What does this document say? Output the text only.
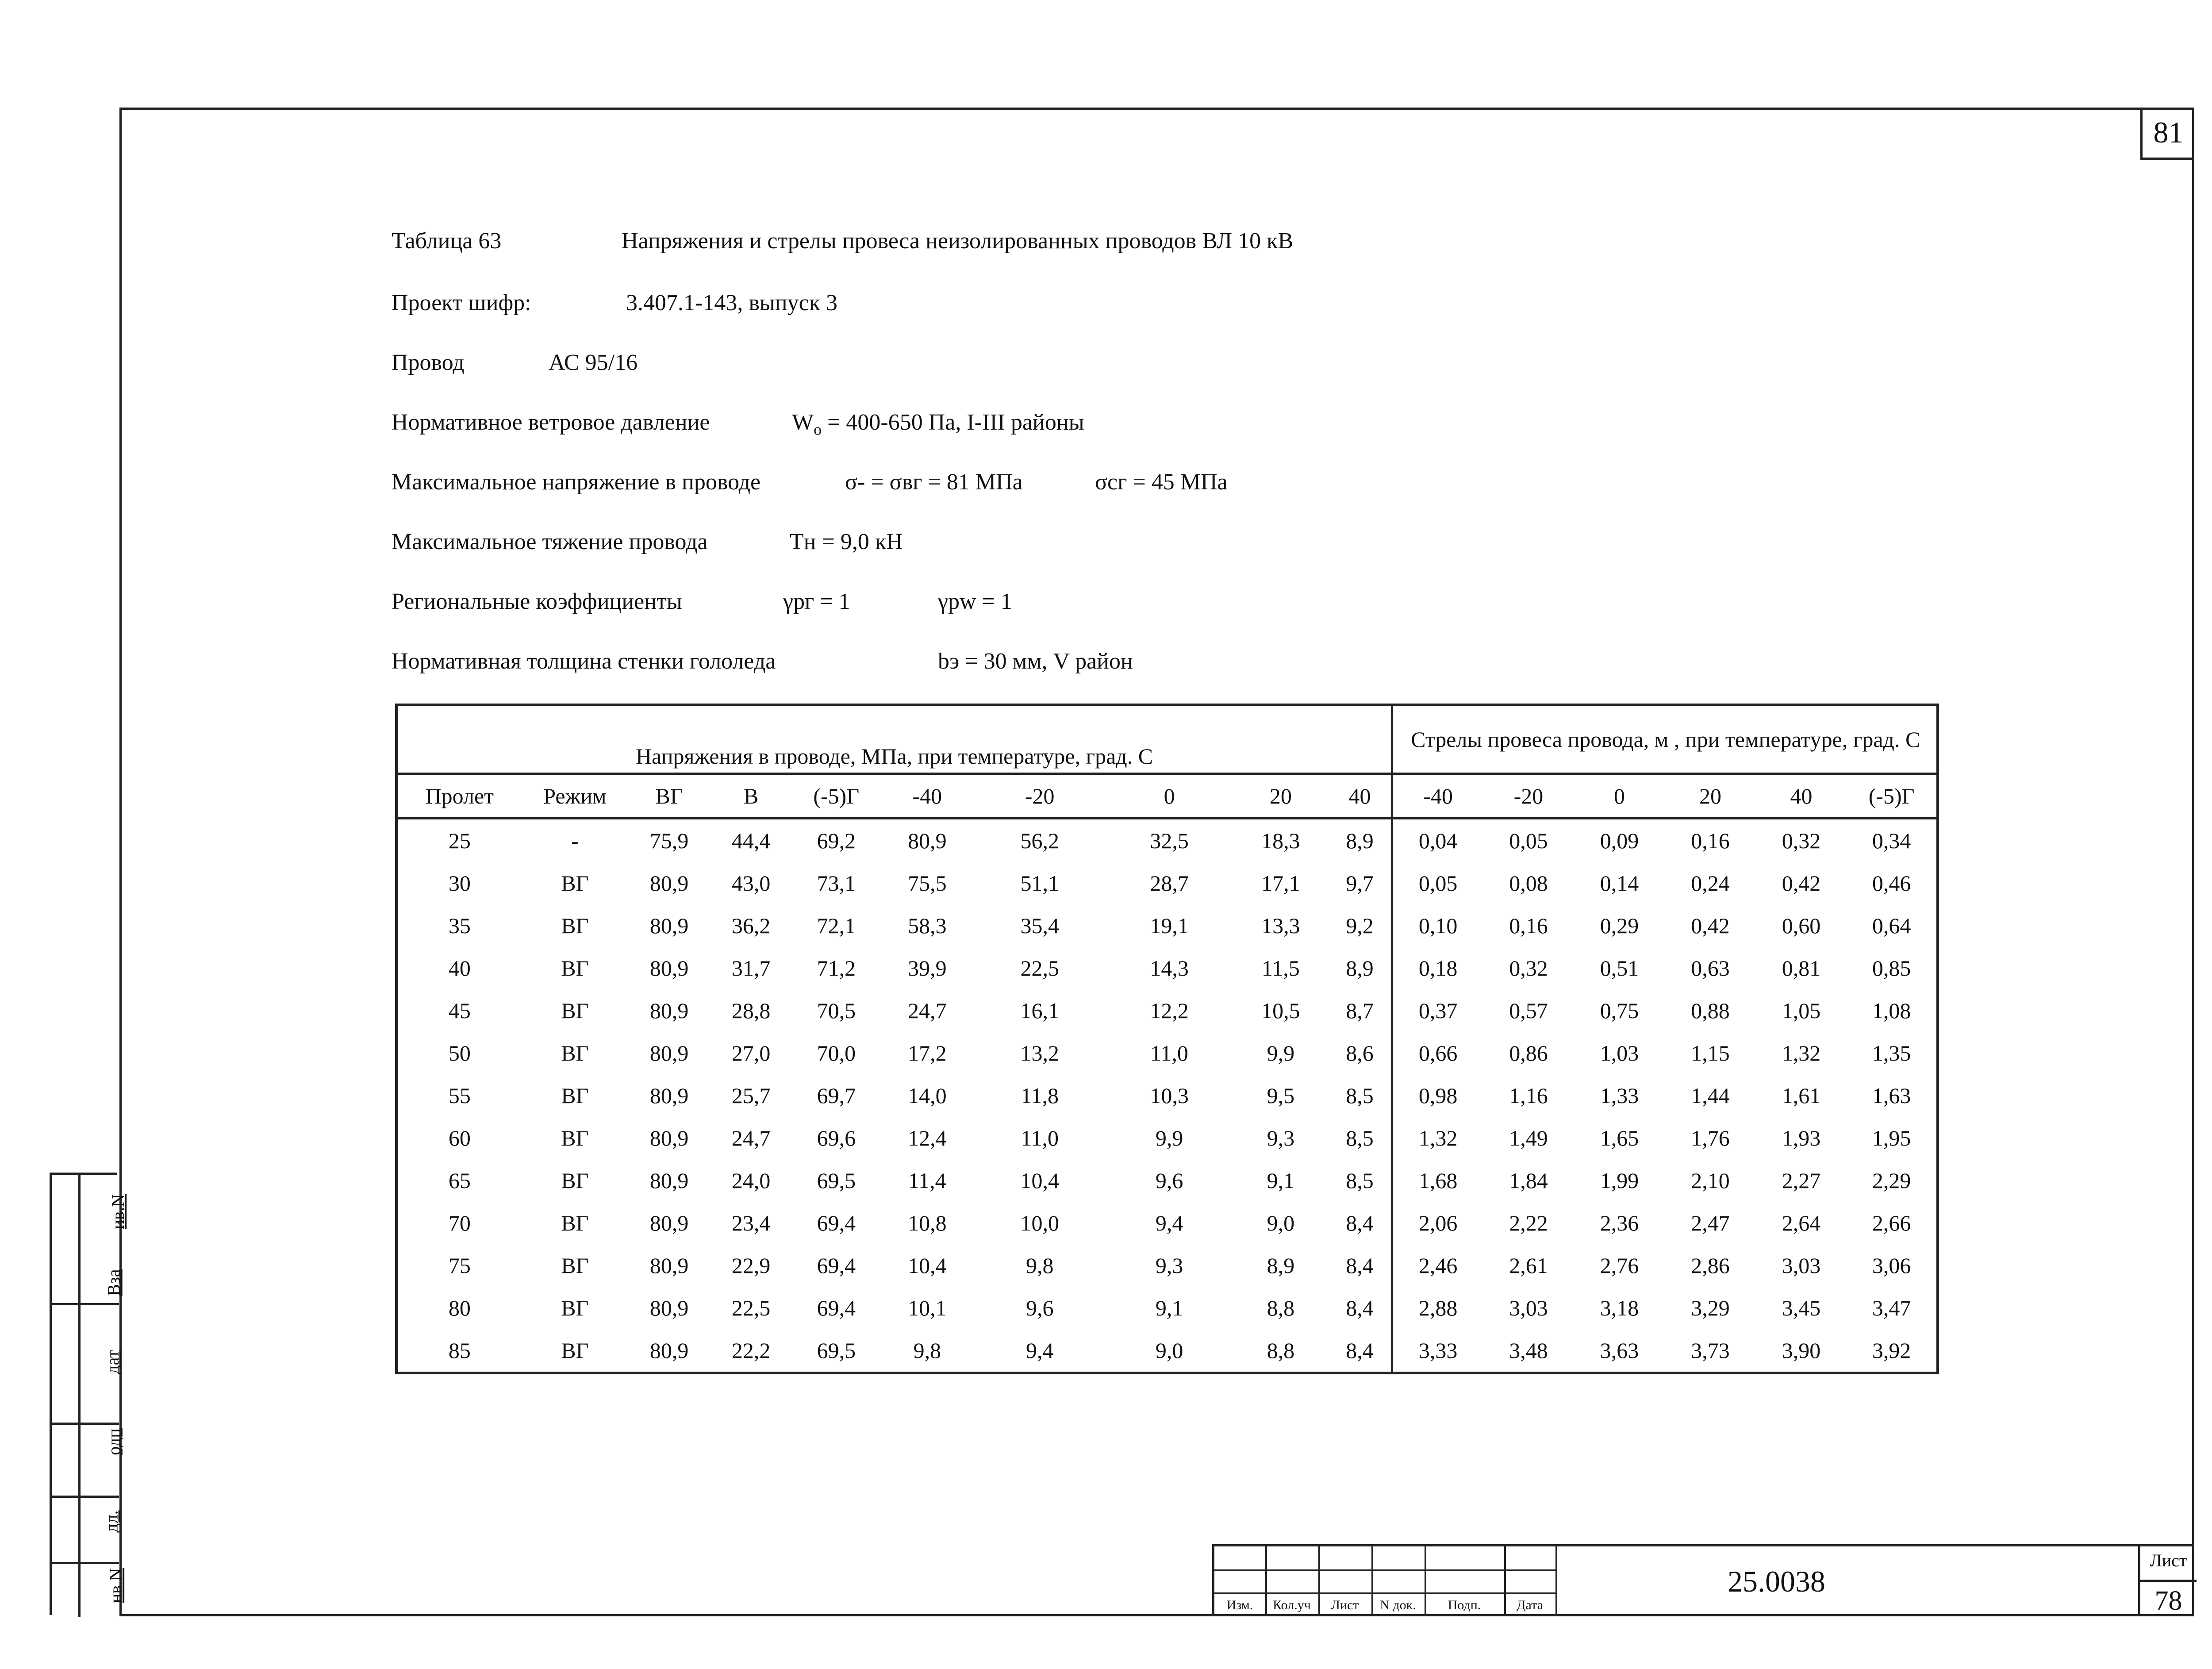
81
Таблица 63	Напряжения и стрелы провеса неизолированных проводов ВЛ 10 кВ
Проект шифр:	3.407.1-143, выпуск 3
Провод	АС 95/16
Нормативное ветровое давление	$W_o = 400-650$ Па, I-III районы
Максимальное напряжение в проводе	σ- = σвг = 81 МПа	σсг = 45 МПа
Максимальное тяжение провода	Tн = 9,0 кН
Региональные коэффициенты	γрг = 1	γpw = 1
Нормативная толщина стенки гололеда	bэ = 30 мм, V район
Напряжения в проводе, МПа, при температуре, град. С										Стрелы провеса провода, м , при температуре, град. С					
Пролет	Режим	ВГ	В	(-5)Г	-40	-20	0	20	40	-40	-20	0	20	40	(-5)Г
25	-	75,9	44,4	69,2	80,9	56,2	32,5	18,3	8,9	0,04	0,05	0,09	0,16	0,32	0,34
30	ВГ	80,9	43,0	73,1	75,5	51,1	28,7	17,1	9,7	0,05	0,08	0,14	0,24	0,42	0,46
35	ВГ	80,9	36,2	72,1	58,3	35,4	19,1	13,3	9,2	0,10	0,16	0,29	0,42	0,60	0,64
40	ВГ	80,9	31,7	71,2	39,9	22,5	14,3	11,5	8,9	0,18	0,32	0,51	0,63	0,81	0,85
45	ВГ	80,9	28,8	70,5	24,7	16,1	12,2	10,5	8,7	0,37	0,57	0,75	0,88	1,05	1,08
50	ВГ	80,9	27,0	70,0	17,2	13,2	11,0	9,9	8,6	0,66	0,86	1,03	1,15	1,32	1,35
55	ВГ	80,9	25,7	69,7	14,0	11,8	10,3	9,5	8,5	0,98	1,16	1,33	1,44	1,61	1,63
60	ВГ	80,9	24,7	69,6	12,4	11,0	9,9	9,3	8,5	1,32	1,49	1,65	1,76	1,93	1,95
65	ВГ	80,9	24,0	69,5	11,4	10,4	9,6	9,1	8,5	1,68	1,84	1,99	2,10	2,27	2,29
70	ВГ	80,9	23,4	69,4	10,8	10,0	9,4	9,0	8,4	2,06	2,22	2,36	2,47	2,64	2,66
75	ВГ	80,9	22,9	69,4	10,4	9,8	9,3	8,9	8,4	2,46	2,61	2,76	2,86	3,03	3,06
80	ВГ	80,9	22,5	69,4	10,1	9,6	9,1	8,8	8,4	2,88	3,03	3,18	3,29	3,45	3,47
85	ВГ	80,9	22,2	69,5	9,8	9,4	9,0	8,8	8,4	3,33	3,48	3,63	3,73	3,90	3,92
ив.N
Вза
дат
одп
дл.
нв.N
Изм.	Кол.уч	Лист	N док.	Подп.	Дата
25.0038
Лист
78
